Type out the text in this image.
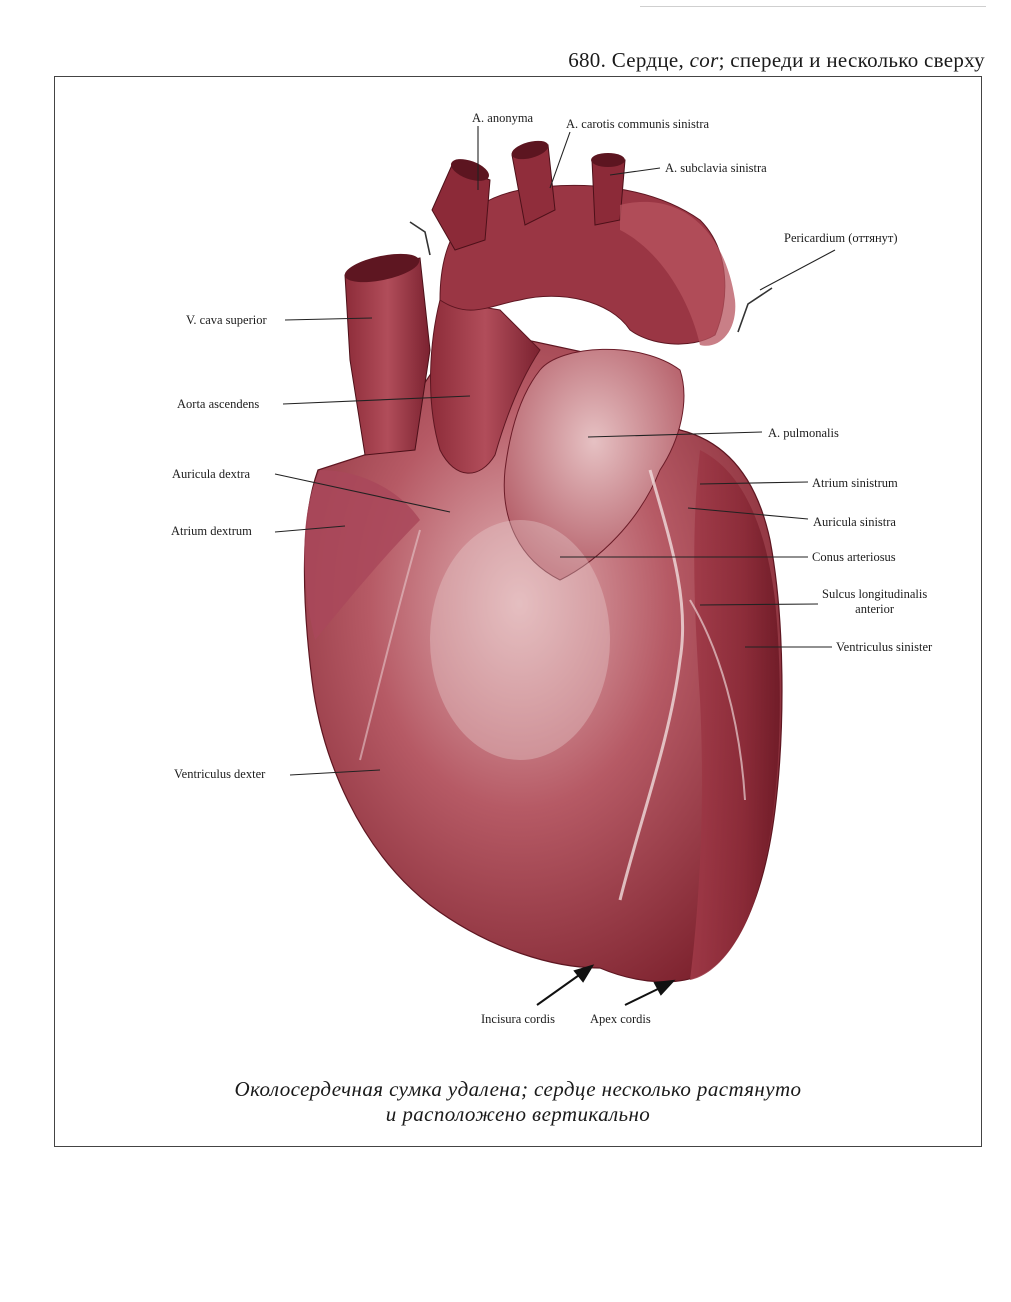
680. Сердце, cor; спереди и несколько сверху
A. anonyma	A. carotis communis sinistra
A. subclavia sinistra
Pericardium (оттянут)
V. cava superior
Aorta ascendens
A. pulmonalis
Auricula dextra
Atrium sinistrum
Atrium dextrum
Auricula sinistra
Conus arteriosus
Sulcus longitudinalis
anterior
Ventriculus sinister
Ventriculus dexter
Incisura cordis	Apex cordis
Околосердечная сумка удалена; сердце несколько растянуто
и расположено вертикально
